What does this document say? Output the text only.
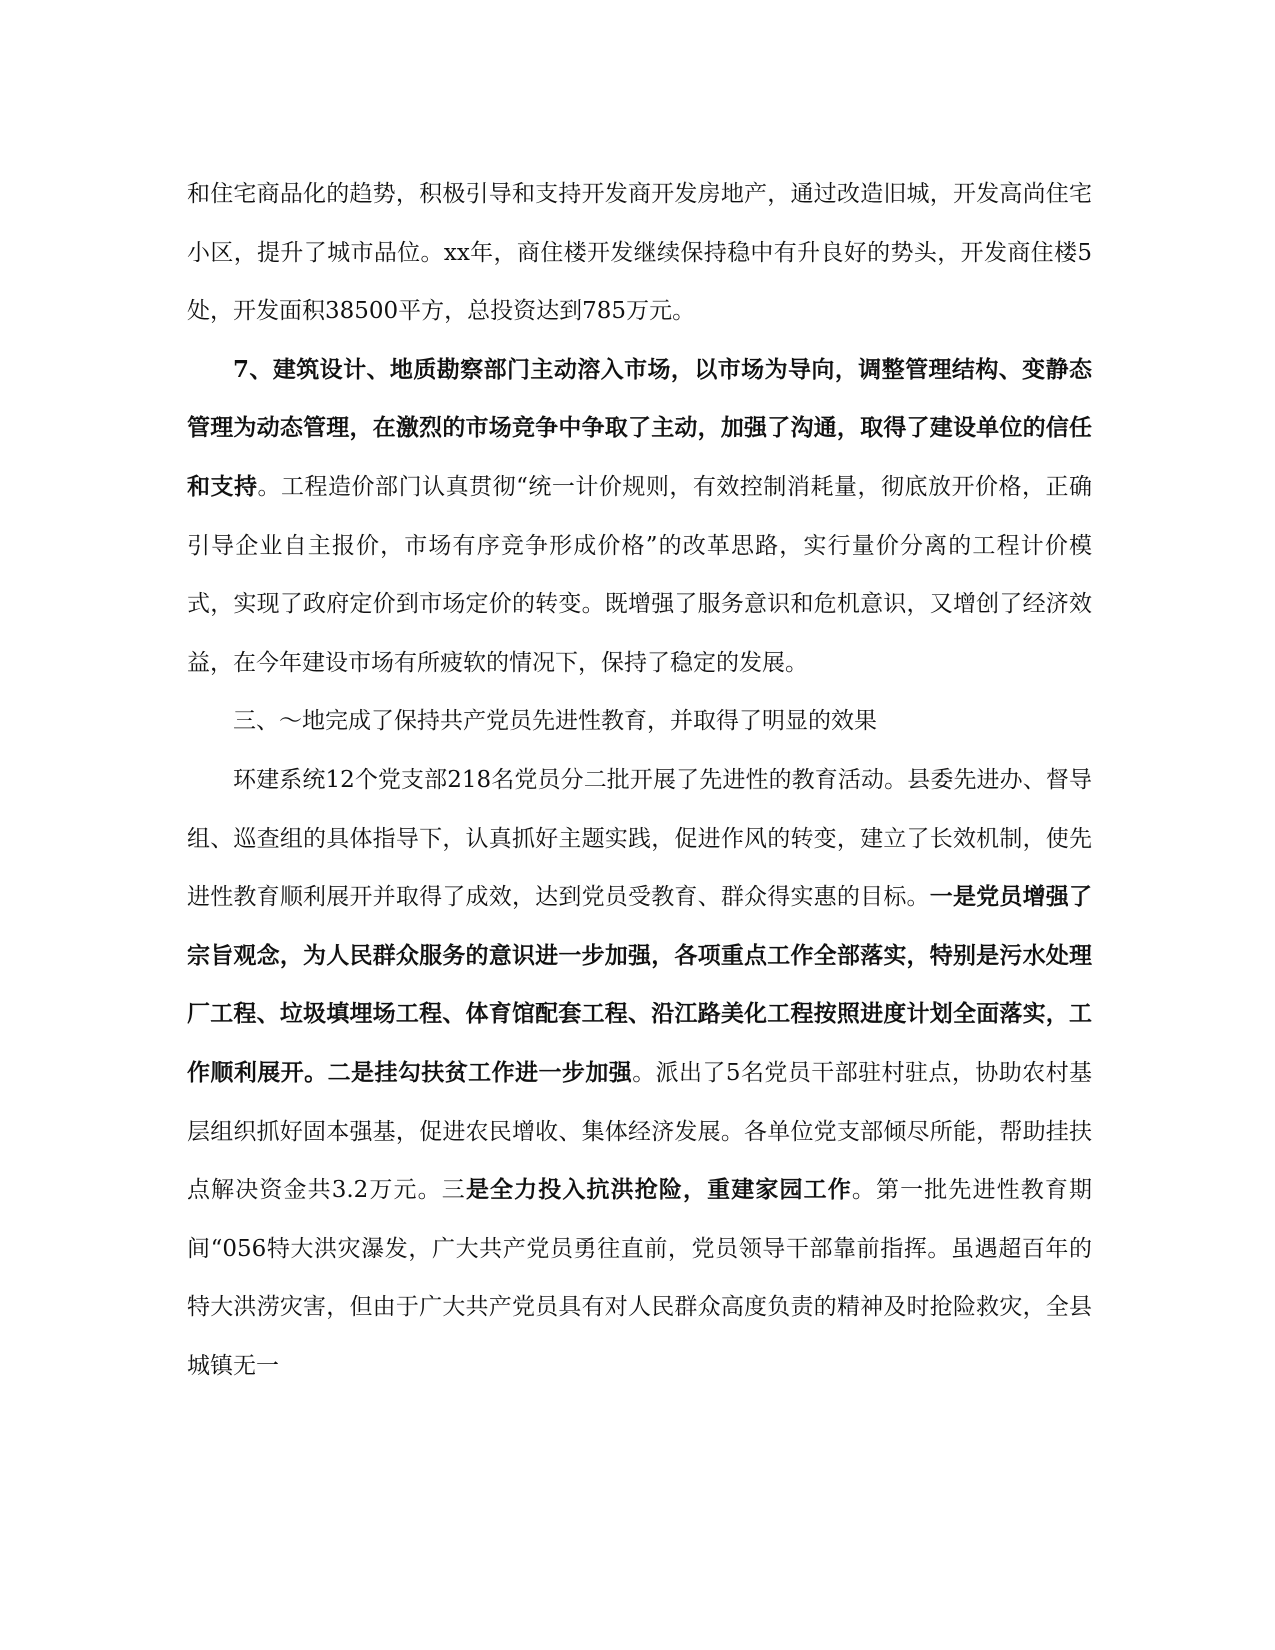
和住宅商品化的趋势，积极引导和支持开发商开发房地产，通过改造旧城，开发高尚住宅小区，提升了城市品位。xx年，商住楼开发继续保持稳中有升良好的势头，开发商住楼5处，开发面积38500平方，总投资达到785万元。

7、建筑设计、地质勘察部门主动溶入市场，以市场为导向，调整管理结构、变静态管理为动态管理，在激烈的市场竞争中争取了主动，加强了沟通，取得了建设单位的信任和支持。工程造价部门认真贯彻“统一计价规则，有效控制消耗量，彻底放开价格，正确引导企业自主报价，市场有序竞争形成价格”的改革思路，实行量价分离的工程计价模式，实现了政府定价到市场定价的转变。既增强了服务意识和危机意识，又增创了经济效益，在今年建设市场有所疲软的情况下，保持了稳定的发展。

三、～地完成了保持共产党员先进性教育，并取得了明显的效果

环建系统12个党支部218名党员分二批开展了先进性的教育活动。县委先进办、督导组、巡查组的具体指导下，认真抓好主题实践，促进作风的转变，建立了长效机制，使先进性教育顺利展开并取得了成效，达到党员受教育、群众得实惠的目标。一是党员增强了宗旨观念，为人民群众服务的意识进一步加强，各项重点工作全部落实，特别是污水处理厂工程、垃圾填埋场工程、体育馆配套工程、沿江路美化工程按照进度计划全面落实，工作顺利展开。二是挂勾扶贫工作进一步加强。派出了5名党员干部驻村驻点，协助农村基层组织抓好固本强基，促进农民增收、集体经济发展。各单位党支部倾尽所能，帮助挂扶点解决资金共3.2万元。三是全力投入抗洪抢险，重建家园工作。第一批先进性教育期间“056特大洪灾瀑发，广大共产党员勇往直前，党员领导干部靠前指挥。虽遇超百年的特大洪涝灾害，但由于广大共产党员具有对人民群众高度负责的精神及时抢险救灾，全县城镇无一
